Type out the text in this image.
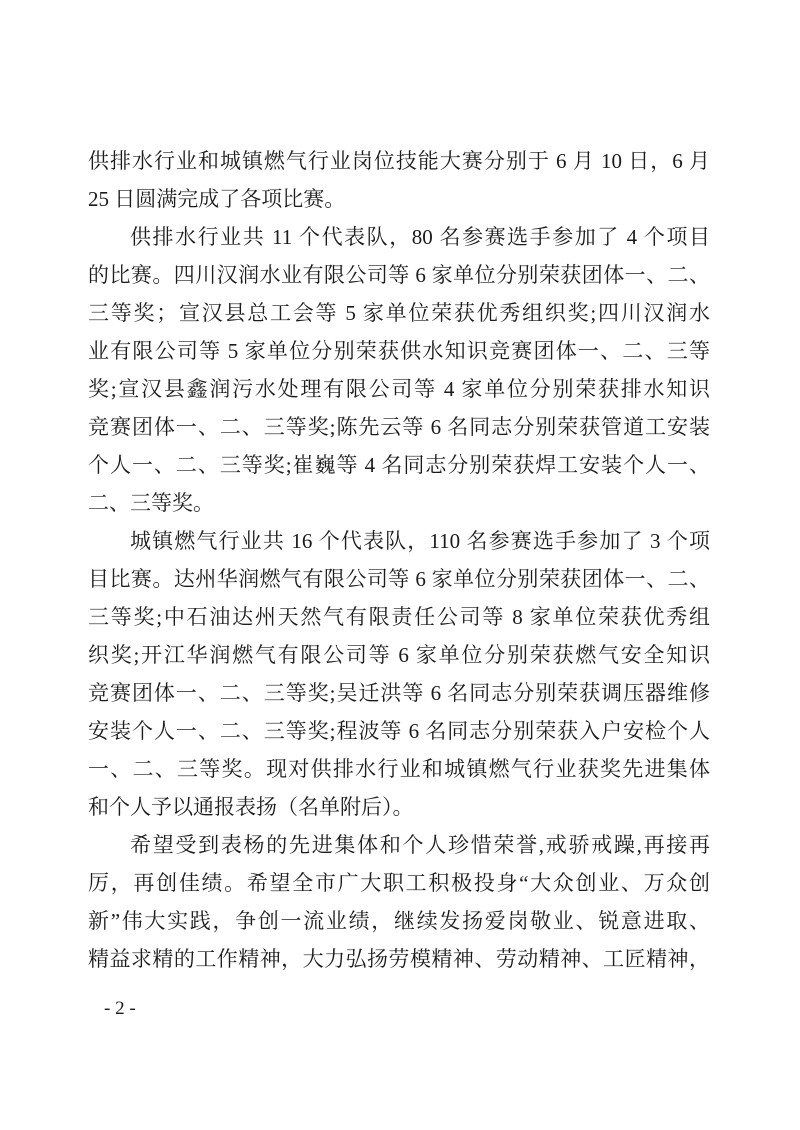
供排水行业和城镇燃气行业岗位技能大赛分别于 6 月 10 日，6 月
25 日圆满完成了各项比赛。
供排水行业共 11 个代表队，80 名参赛选手参加了 4 个项目
的比赛。四川汉润水业有限公司等 6 家单位分别荣获团体一、二、
三等奖；宣汉县总工会等 5 家单位荣获优秀组织奖;四川汉润水
业有限公司等 5 家单位分别荣获供水知识竞赛团体一、二、三等
奖;宣汉县鑫润污水处理有限公司等 4 家单位分别荣获排水知识
竞赛团体一、二、三等奖;陈先云等 6 名同志分别荣获管道工安装
个人一、二、三等奖;崔巍等 4 名同志分别荣获焊工安装个人一、
二、三等奖。
城镇燃气行业共 16 个代表队，110 名参赛选手参加了 3 个项
目比赛。达州华润燃气有限公司等 6 家单位分别荣获团体一、二、
三等奖;中石油达州天然气有限责任公司等 8 家单位荣获优秀组
织奖;开江华润燃气有限公司等 6 家单位分别荣获燃气安全知识
竞赛团体一、二、三等奖;吴迁洪等 6 名同志分别荣获调压器维修
安装个人一、二、三等奖;程波等 6 名同志分别荣获入户安检个人
一、二、三等奖。现对供排水行业和城镇燃气行业获奖先进集体
和个人予以通报表扬（名单附后）。
希望受到表杨的先进集体和个人珍惜荣誉,戒骄戒躁,再接再
厉，再创佳绩。希望全市广大职工积极投身“大众创业、万众创
新”伟大实践，争创一流业绩，继续发扬爱岗敬业、锐意进取、
精益求精的工作精神，大力弘扬劳模精神、劳动精神、工匠精神，
- 2 -
